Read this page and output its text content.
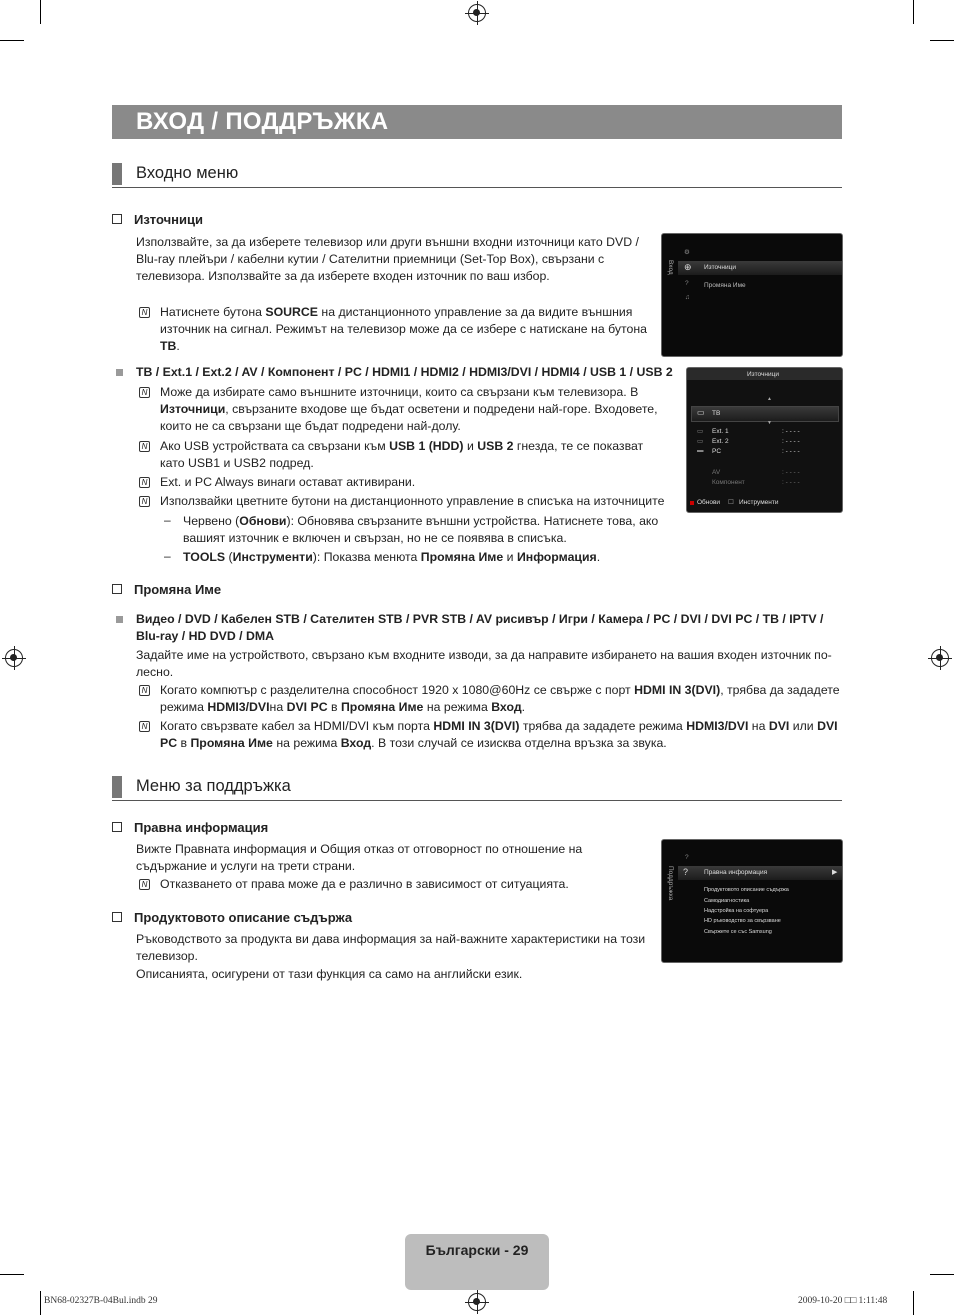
ВХОД / ПОДДРЪЖКА
Входно меню
Източници
Използвайте, за да изберете телевизор или други външни входни източници като DVD / Blu-ray плейъри / кабелни кутии / Сателитни приемници (Set-Top Box), свързани с телевизора. Използвайте за да изберете входен източник по ваш избор.
N Натиснете бутона SOURCE на дистанционното управление за да видите външния източник на сигнал. Режимът на телевизор може да се избере с натискане на бутона TB.
TB / Ext.1 / Ext.2 / AV / Компонент / PC / HDMI1 / HDMI2 / HDMI3/DVI / HDMI4 / USB 1 / USB 2
N Може да избирате само външните източници, които са свързани към телевизора. В Източници, свързаните входове ще бъдат осветени и подредени най-горе. Входовете, които не са свързани ще бъдат подредени най-долу.
N Ако USB устройствата са свързани към USB 1 (HDD) и USB 2 гнезда, те се показват като USB1 и USB2 подред.
N Ext. и PC Always винаги остават активирани.
N Използвайки цветните бутони на дистанционното управление в списъка на източниците
– Червено (Обнови): Обновява свързаните външни устройства. Натиснете това, ако вашият източник е включен и свързан, но не се появява в списъка.
– TOOLS (Инструменти): Показва менюта Промяна Име и Информация.
Промяна Име
Видео / DVD / Кабелен STB / Сателитен STB / PVR STB / AV рисивър / Игри / Камера / PC / DVI / DVI PC / TB / IPTV / Blu-ray / HD DVD / DMA
Задайте име на устройството, свързано към входните изводи, за да направите избирането на вашия входен източник по-лесно.
N Когато компютър с разделителна способност 1920 x 1080@60Hz се свърже с порт HDMI IN 3(DVI), трябва да зададете режима HDMI3/DVIна DVI PC в Промяна Име на режима Вход.
N Когато свързвате кабел за HDMI/DVI към порта HDMI IN 3(DVI) трябва да зададете режима HDMI3/DVI на DVI или DVI PC в Промяна Име на режима Вход. В този случай се изисква отделна връзка за звука.
Меню за поддръжка
Правна информация
Вижте Правната информация и Общия отказ от отговорност по отношение на съдържание и услуги на трети страни.
N Отказването от права може да е различно в зависимост от ситуацията.
Продуктовото описание съдържа
Ръководството за продукта ви дава информация за най-важните характеристики на този телевизор.
Описанията, осигурени от тази функция са само на английски език.
Вход
⚙
⊕ Източници
Промяна Име
?
♫
Източници
▲
▭ TB
▼
▭ Ext. 1	: - - - -
▭ Ext. 2	: - - - -
▬ PC	: - - - -
AV	: - - - -
Компонент	: - - - -
Обнови ☐ Инструменти
Поддръжка
?
? Правна информация	▶
Продуктовото описание съдържа
Самодиагностика
Надстройка на софтуера
HD ръководство за свързване
Свържете се със Samsung
Български - 29
BN68-02327B-04Bul.indb 29	2009-10-20 □□ 1:11:48
